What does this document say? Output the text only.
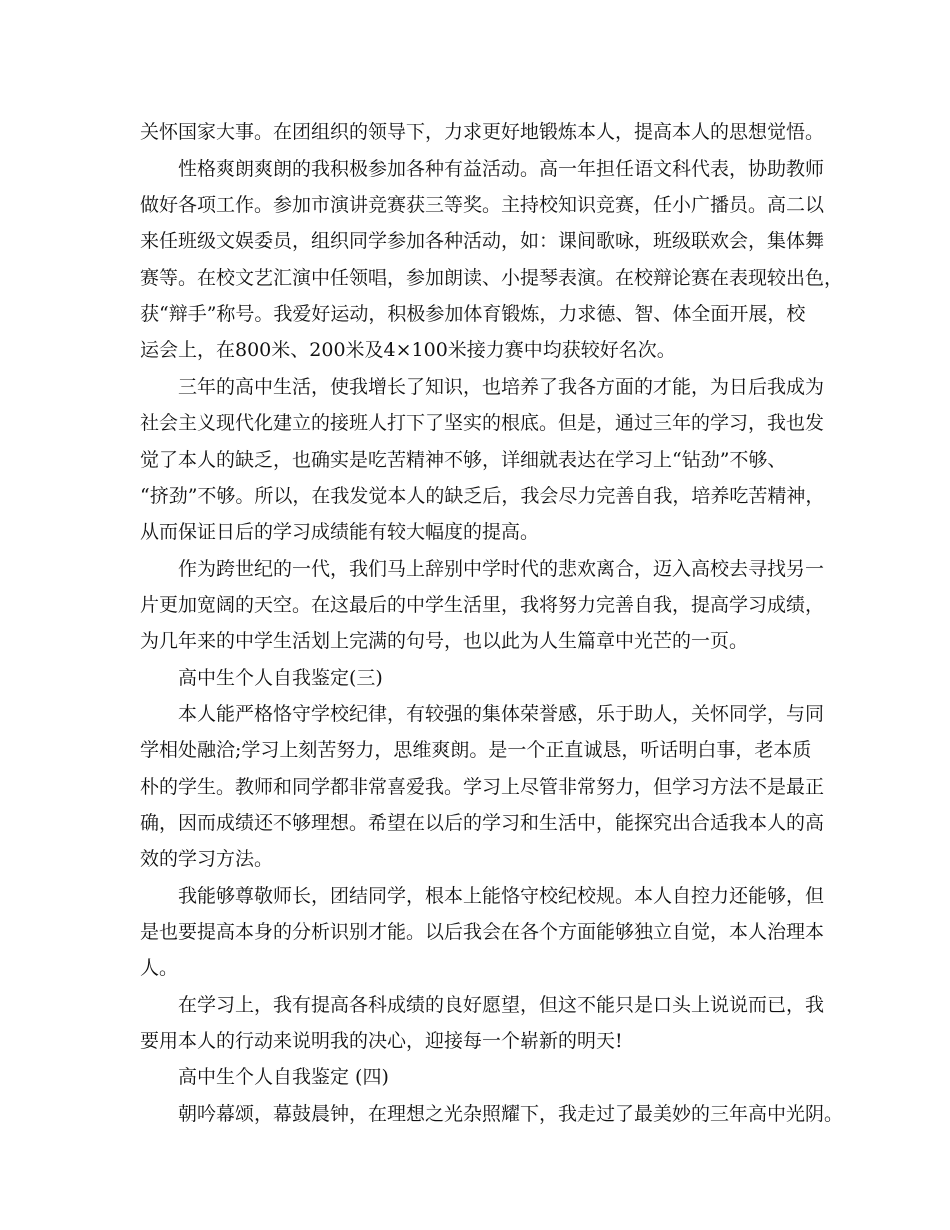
关怀国家大事。在团组织的领导下，力求更好地锻炼本人，提高本人的思想觉悟。
性格爽朗爽朗的我积极参加各种有益活动。高一年担任语文科代表，协助教师
做好各项工作。参加市演讲竞赛获三等奖。主持校知识竞赛，任小广播员。高二以
来任班级文娱委员，组织同学参加各种活动，如：课间歌咏，班级联欢会，集体舞
赛等。在校文艺汇演中任领唱，参加朗读、小提琴表演。在校辩论赛在表现较出色，
获“辩手”称号。我爱好运动，积极参加体育锻炼，力求德、智、体全面开展，校
运会上，在800米、200米及4×100米接力赛中均获较好名次。
三年的高中生活，使我增长了知识，也培养了我各方面的才能，为日后我成为
社会主义现代化建立的接班人打下了坚实的根底。但是，通过三年的学习，我也发
觉了本人的缺乏，也确实是吃苦精神不够，详细就表达在学习上“钻劲”不够、
“挤劲”不够。所以，在我发觉本人的缺乏后，我会尽力完善自我，培养吃苦精神，
从而保证日后的学习成绩能有较大幅度的提高。
作为跨世纪的一代，我们马上辞别中学时代的悲欢离合，迈入高校去寻找另一
片更加宽阔的天空。在这最后的中学生活里，我将努力完善自我，提高学习成绩，
为几年来的中学生活划上完满的句号，也以此为人生篇章中光芒的一页。
高中生个人自我鉴定(三)
本人能严格恪守学校纪律，有较强的集体荣誉感，乐于助人，关怀同学，与同
学相处融洽;学习上刻苦努力，思维爽朗。是一个正直诚恳，听话明白事，老本质
朴的学生。教师和同学都非常喜爱我。学习上尽管非常努力，但学习方法不是最正
确，因而成绩还不够理想。希望在以后的学习和生活中，能探究出合适我本人的高
效的学习方法。
我能够尊敬师长，团结同学，根本上能恪守校纪校规。本人自控力还能够，但
是也要提高本身的分析识别才能。以后我会在各个方面能够独立自觉，本人治理本
人。
在学习上，我有提高各科成绩的良好愿望，但这不能只是口头上说说而已，我
要用本人的行动来说明我的决心，迎接每一个崭新的明天!
高中生个人自我鉴定 (四)
朝吟幕颂，幕鼓晨钟，在理想之光杂照耀下，我走过了最美妙的三年高中光阴。
